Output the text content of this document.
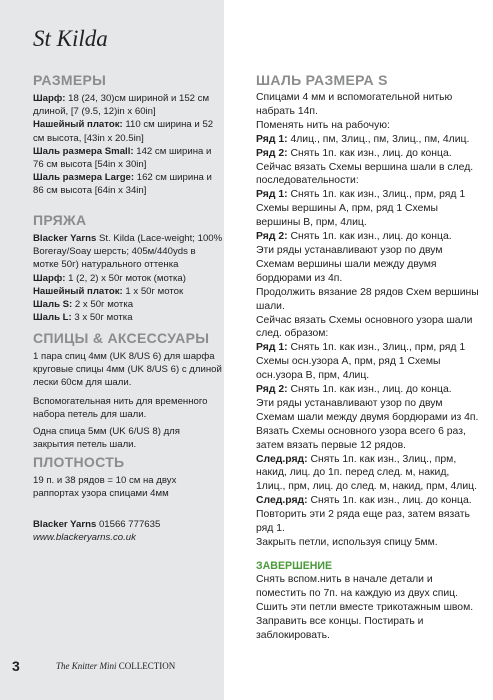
St Kilda
РАЗМЕРЫ

Шарф: 18 (24, 30)см шириной и 152 см длиной, [7 (9.5, 12)in x 60in]

Нашейный платок: 110 см ширина и 52 см высота, [43in x 20.5in]

Шаль размера Small: 142 см ширина и 76 см высота [54in x 30in]

Шаль размера Large: 162 см ширина и 86 см высота [64in x 34in]

ПРЯЖА

Blacker Yarns St. Kilda (Lace-weight; 100% Boreray/Soay шерсть; 405м/440yds в мотке 50г) натурального оттенка

Шарф: 1 (2, 2) x 50г моток (мотка)

Нашейный платок: 1 x 50г моток

Шаль S: 2 x 50г мотка

Шаль L: 3 x 50г мотка

СПИЦЫ & АКСЕССУАРЫ

1 пара спиц 4мм (UK 8/US 6) для шарфа круговые спицы 4мм (UK 8/US 6) с длиной лески 60см для шали.

Вспомогательная нить для временного набора петель для шали.

Одна спица 5мм (UK 6/US 8) для закрытия петель шали.

ПЛОТНОСТЬ

19 п. и 38 рядов = 10 см на двух раппортах узора спицами 4мм

Blacker Yarns 01566 777635

www.blackeryarns.co.uk

ШАЛЬ РАЗМЕРА S

Спицами 4 мм и вспомогательной нитью набрать 14п.

Поменять нить на рабочую:

Ряд 1: 4лиц., пм, 3лиц., пм, 3лиц., пм, 4лиц.

Ряд 2: Снять 1п. как изн., лиц. до конца.

Сейчас вязать Схемы вершина шали в след. последовательности:

Ряд 1: Снять 1п. как изн., 3лиц., прм, ряд 1 Схемы вершины А, прм, ряд 1 Схемы вершины В, прм, 4лиц.

Ряд 2: Снять 1п. как изн., лиц. до конца.

Эти ряды устанавливают узор по двум Схемам вершины шали между двумя бордюрами из 4п.

Продолжить вязание 28 рядов Схем вершины шали.

Сейчас вязать Схемы основного узора шали след. образом:

Ряд 1: Снять 1п. как изн., 3лиц., прм, ряд 1 Схемы осн.узора А, прм, ряд 1 Схемы осн.узора В, прм, 4лиц.

Ряд 2: Снять 1п. как изн., лиц. до конца.

Эти ряды устанавливают узор по двум Схемам шали между двумя бордюрами из 4п.

Вязать Схемы основного узора всего 6 раз, затем вязать первые 12 рядов.

След.ряд: Снять 1п. как изн., 3лиц., прм, накид, лиц. до 1п. перед след. м, накид, 1лиц., прм, лиц. до след. м, накид, прм, 4лиц.

След.ряд: Снять 1п. как изн., лиц. до конца.

Повторить эти 2 ряда еще раз, затем вязать ряд 1.

Закрыть петли, используя спицу 5мм.

ЗАВЕРШЕНИЕ

Снять вспом.нить в начале детали и поместить по 7п. на каждую из двух спиц.

Сшить эти петли вместе трикотажным швом.

Заправить все концы. Постирать и заблокировать.

3	The Knitter Mini COLLECTION
